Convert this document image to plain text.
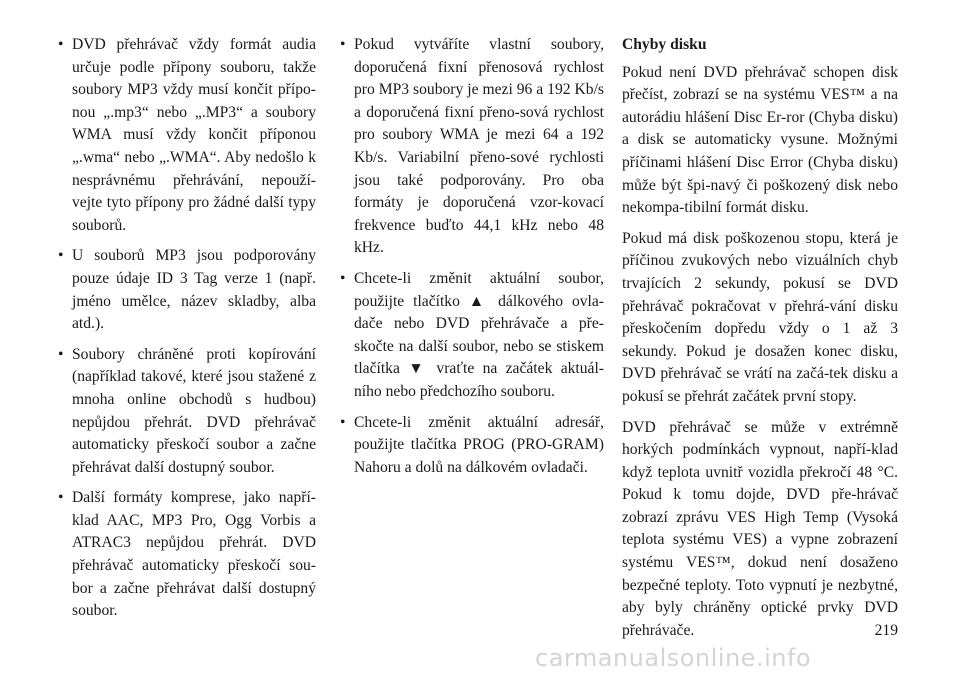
• DVD přehrávač vždy formát audia určuje podle přípony souboru, takže soubory MP3 vždy musí končit přípo-nou „.mp3“ nebo „.MP3“ a soubory WMA musí vždy končit příponou „.wma“ nebo „.WMA“. Aby nedošlo k nesprávnému přehrávání, nepouží-vejte tyto přípony pro žádné další typy souborů.
• U souborů MP3 jsou podporovány pouze údaje ID 3 Tag verze 1 (např. jméno umělce, název skladby, alba atd.).
• Soubory chráněné proti kopírování (například takové, které jsou stažené z mnoha online obchodů s hudbou) nepůjdou přehrát. DVD přehrávač automaticky přeskočí soubor a začne přehrávat další dostupný soubor.
• Další formáty komprese, jako napří-klad AAC, MP3 Pro, Ogg Vorbis a ATRAC3 nepůjdou přehrát. DVD přehrávač automaticky přeskočí sou-bor a začne přehrávat další dostupný soubor.
• Pokud vytváříte vlastní soubory, doporučená fixní přenosová rychlost pro MP3 soubory je mezi 96 a 192 Kb/s a doporučená fixní přeno-sová rychlost pro soubory WMA je mezi 64 a 192 Kb/s. Variabilní přeno-sové rychlosti jsou také podporovány. Pro oba formáty je doporučená vzor-kovací frekvence buďto 44,1 kHz nebo 48 kHz.
• Chcete-li změnit aktuální soubor, použijte tlačítko ▲ dálkového ovla-dače nebo DVD přehrávače a pře-skočte na další soubor, nebo se stiskem tlačítka ▼ vraťte na začátek aktuál-ního nebo předchozího souboru.
• Chcete-li změnit aktuální adresář, použijte tlačítka PROG (PRO-GRAM) Nahoru a dolů na dálkovém ovladači.
Chyby disku

Pokud není DVD přehrávač schopen disk přečíst, zobrazí se na systému VES™ a na autorádiu hlášení Disc Er-ror (Chyba disku) a disk se automaticky vysune. Možnými příčinami hlášení Disc Error (Chyba disku) může být špi-navý či poškozený disk nebo nekompa-tibilní formát disku.

Pokud má disk poškozenou stopu, která je příčinou zvukových nebo vizuálních chyb trvajících 2 sekundy, pokusí se DVD přehrávač pokračovat v přehrá-vání disku přeskočením dopředu vždy o 1 až 3 sekundy. Pokud je dosažen konec disku, DVD přehrávač se vrátí na začá-tek disku a pokusí se přehrát začátek první stopy.

DVD přehrávač se může v extrémně horkých podmínkách vypnout, napří-klad když teplota uvnitř vozidla překročí 48 °C. Pokud k tomu dojde, DVD pře-hrávač zobrazí zprávu VES High Temp (Vysoká teplota systému VES) a vypne zobrazení systému VES™, dokud není dosaženo bezpečné teploty. Toto vypnutí je nezbytné, aby byly chráněny optické prvky DVD přehrávače.	219
carmanualsonline.info
